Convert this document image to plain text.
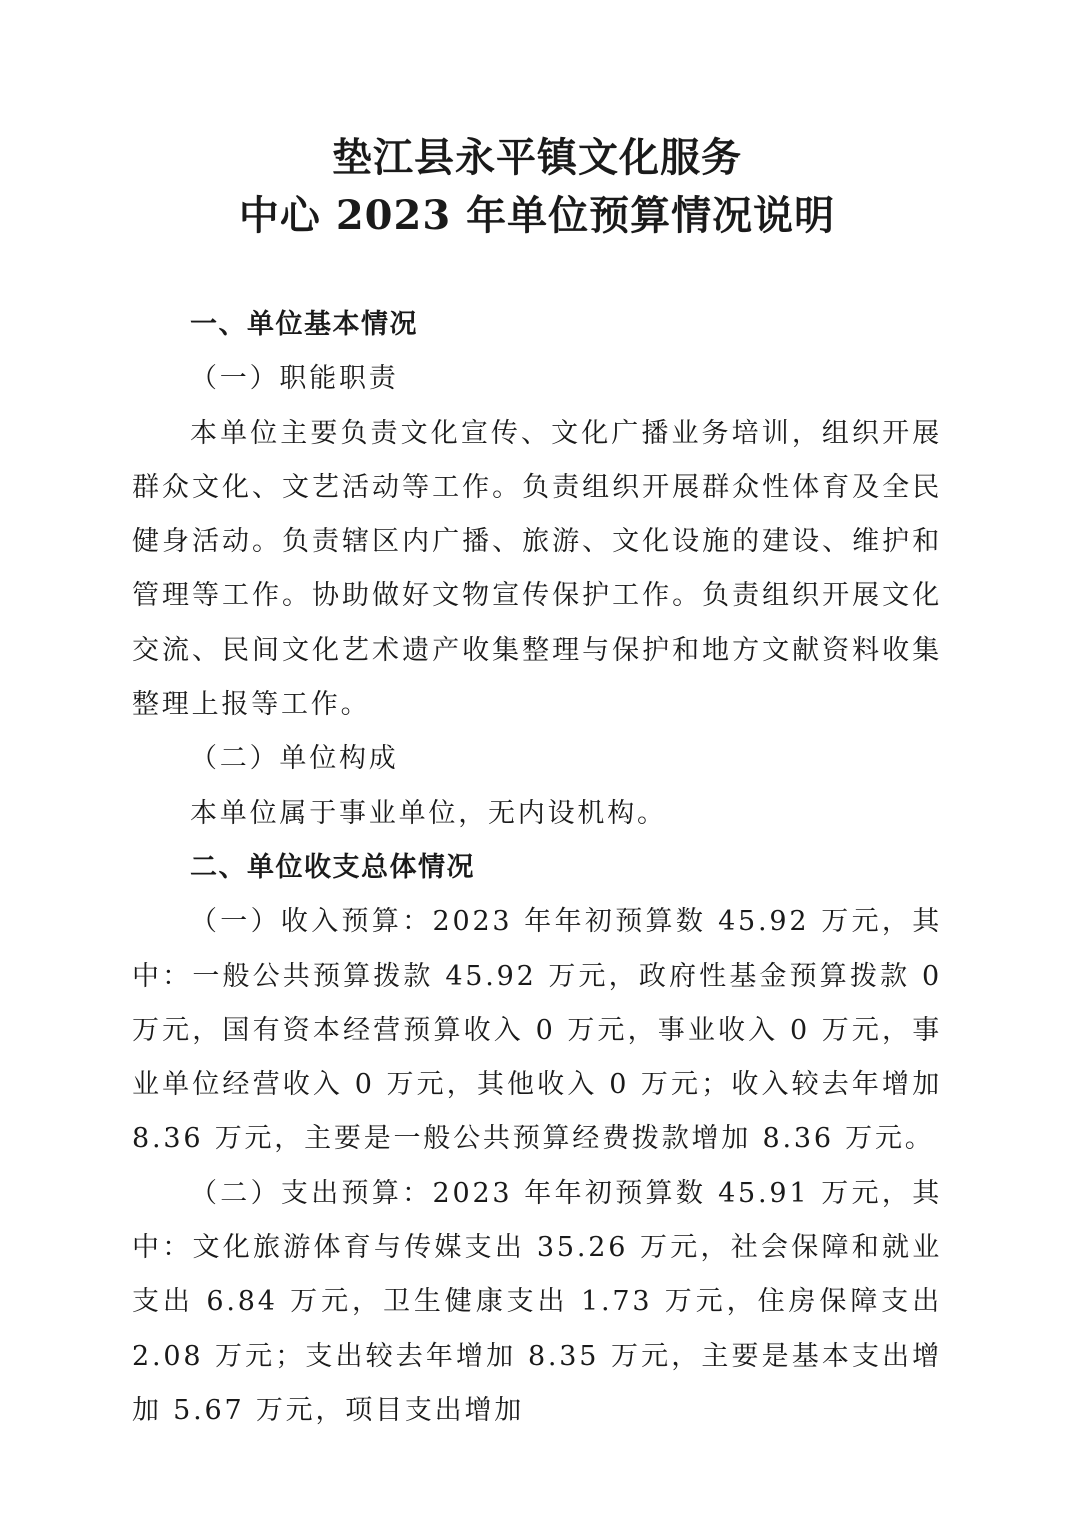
垫江县永平镇文化服务
中心 2023 年单位预算情况说明

一、单位基本情况

（一）职能职责

本单位主要负责文化宣传、文化广播业务培训，组织开展群众文化、文艺活动等工作。负责组织开展群众性体育及全民健身活动。负责辖区内广播、旅游、文化设施的建设、维护和管理等工作。协助做好文物宣传保护工作。负责组织开展文化交流、民间文化艺术遗产收集整理与保护和地方文献资料收集整理上报等工作。

（二）单位构成

本单位属于事业单位，无内设机构。

二、单位收支总体情况

（一）收入预算：2023 年年初预算数 45.92 万元，其中：一般公共预算拨款 45.92 万元，政府性基金预算拨款 0 万元，国有资本经营预算收入 0 万元，事业收入 0 万元，事业单位经营收入 0 万元，其他收入 0 万元；收入较去年增加 8.36 万元，主要是一般公共预算经费拨款增加 8.36 万元。

（二）支出预算：2023 年年初预算数 45.91 万元，其中：文化旅游体育与传媒支出 35.26 万元，社会保障和就业支出 6.84 万元，卫生健康支出 1.73 万元，住房保障支出 2.08 万元；支出较去年增加 8.35 万元，主要是基本支出增加 5.67 万元，项目支出增加
